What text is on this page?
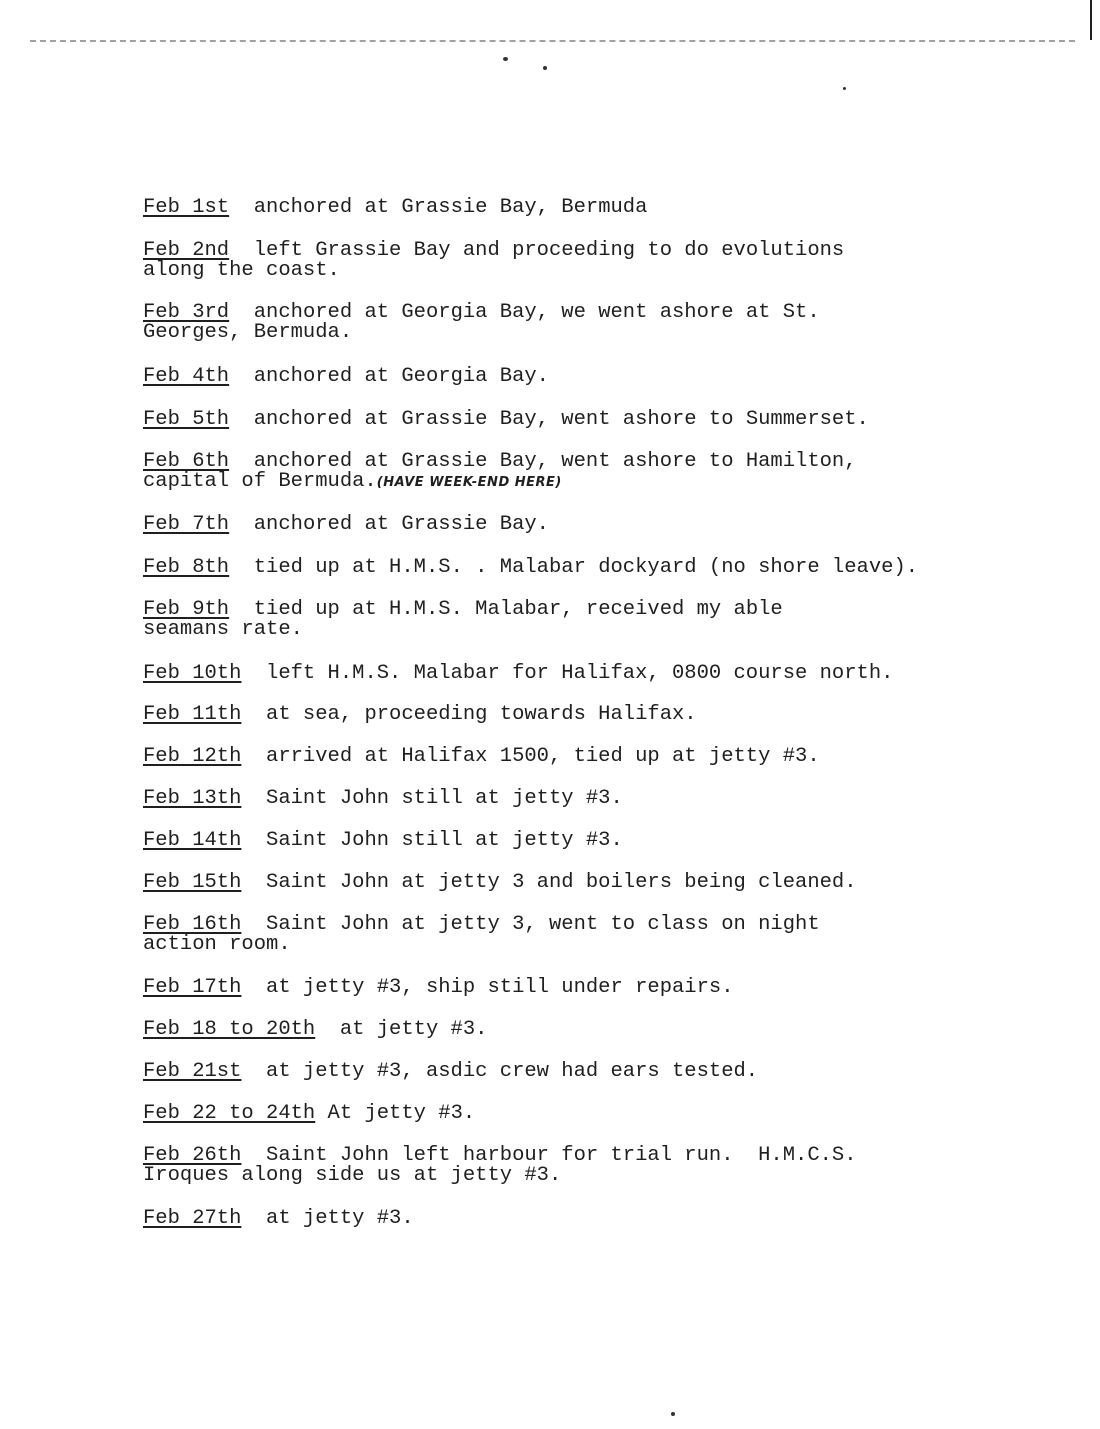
Feb 1st anchored at Grassie Bay, Bermuda
Feb 2nd left Grassie Bay and proceeding to do evolutions
along the coast.
Feb 3rd anchored at Georgia Bay, we went ashore at St.
Georges, Bermuda.
Feb 4th anchored at Georgia Bay.
Feb 5th anchored at Grassie Bay, went ashore to Summerset.
Feb 6th anchored at Grassie Bay, went ashore to Hamilton,
capital of Bermuda.(HAVE WEEK-END HERE)
Feb 7th anchored at Grassie Bay.
Feb 8th tied up at H.M.S. . Malabar dockyard (no shore leave).
Feb 9th tied up at H.M.S. Malabar, received my able
seamans rate.
Feb 10th left H.M.S. Malabar for Halifax, 0800 course north.
Feb 11th at sea, proceeding towards Halifax.
Feb 12th arrived at Halifax 1500, tied up at jetty #3.
Feb 13th Saint John still at jetty #3.
Feb 14th Saint John still at jetty #3.
Feb 15th Saint John at jetty 3 and boilers being cleaned.
Feb 16th Saint John at jetty 3, went to class on night
action room.
Feb 17th at jetty #3, ship still under repairs.
Feb 18 to 20th at jetty #3.
Feb 21st at jetty #3, asdic crew had ears tested.
Feb 22 to 24th At jetty #3.
Feb 26th Saint John left harbour for trial run.  H.M.C.S.
Iroques along side us at jetty #3.
Feb 27th at jetty #3.
